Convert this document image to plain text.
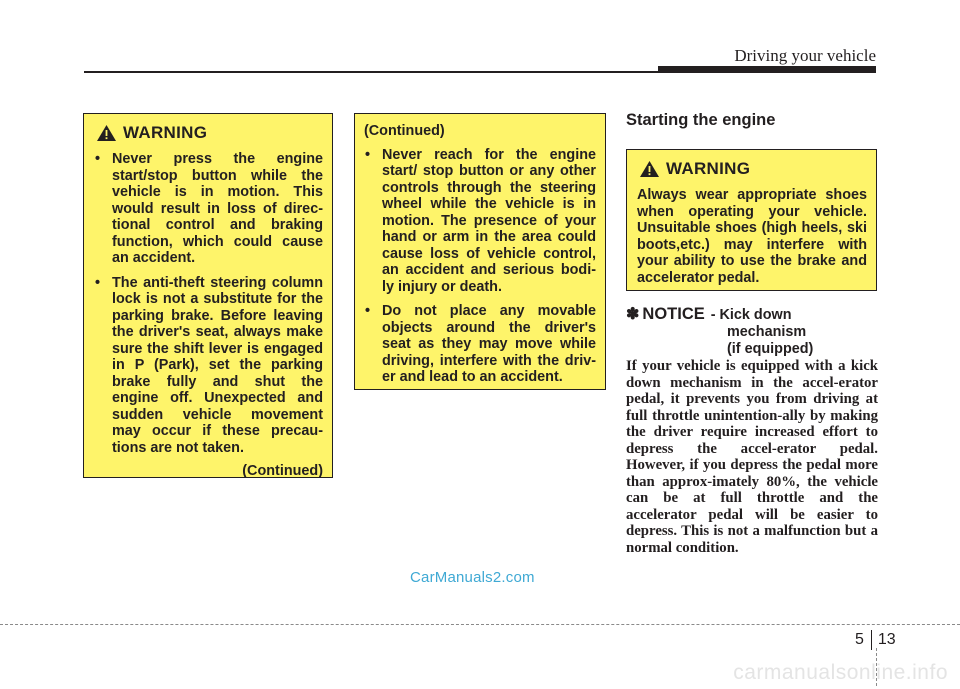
Driving your vehicle
WARNING
• Never press the engine start/stop button while the vehicle is in motion. This would result in loss of direc-tional control and braking function, which could cause an accident.
• The anti-theft steering column lock is not a substitute for the parking brake. Before leaving the driver's seat, always make sure the shift lever is engaged in P (Park), set the parking brake fully and shut the engine off. Unexpected and sudden vehicle movement may occur if these precau-tions are not taken.
(Continued)
(Continued)
• Never reach for the engine start/ stop button or any other controls through the steering wheel while the vehicle is in motion. The presence of your hand or arm in the area could cause loss of vehicle control, an accident and serious bodi-ly injury or death.
• Do not place any movable objects around the driver's seat as they may move while driving, interfere with the driv-er and lead to an accident.
Starting the engine
WARNING
Always wear appropriate shoes when operating your vehicle. Unsuitable shoes (high heels, ski boots,etc.) may interfere with your ability to use the brake and accelerator pedal.
✽ NOTICE - Kick down
mechanism
(if equipped)
If your vehicle is equipped with a kick down mechanism in the accel-erator pedal, it prevents you from driving at full throttle unintention-ally by making the driver require increased effort to depress the accel-erator pedal. However, if you depress the pedal more than approx-imately 80%, the vehicle can be at full throttle and the accelerator pedal will be easier to depress. This is not a malfunction but a normal condition.
CarManuals2.com
5 13
carmanualsonline.info
